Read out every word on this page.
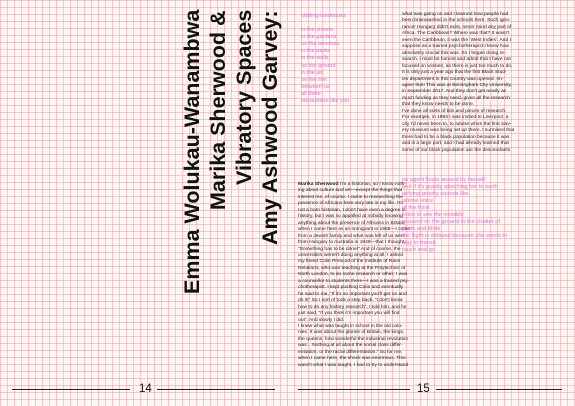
Amy Ashwood Garvey:
Vibratory Spaces
Marika Sherwood &
Emma Wolukau-Wanambwa	shifting landmarks
in the streets
in the gardens
on the benches
in the parks
in the walls
on the ground
in the air
on the line
between us
all there
encounters like you
what was going on and I learned how people had
been brainwashed in the schools here. Such igno-
rance! Hungary didn't exist, never mind any part of
Africa. The Caribbean? Where was that? It wasn't
even the Caribbean, it was the ‘West Indies’. And I
suppose as a trained psychotherapist I knew how
absolutely crucial this was. So I began doing re-
search. I must be honest and admit that I have not
focused on women, as there is just too much to do.
It is only just a year ago that the first Black Stud-
ies department in this country was opened. Im-
agine that! This was at Birmingham City University,
in September 2017. And they don't get nearly as
much funding as they need, given all the research
that they know needs to be done.
I've done all sorts of bits and pieces of research.
For example, in 1993 I was invited to Liverpool, a
city I'd never been to, to advise when the first slav-
ery museum was being set up there. I surmised that
there had to be a black population because it was
and is a large port, and I had already learned that
some of our black population are the descendants
Marika Sherwood I'm a historian, so I know noth-
ing about culture and art—except the things that
interest me, of course. I came to researching the
presence of Africans here very late in my life. I'm
not a born historian, I don't have even a degree in
history, but I was so appalled at nobody knowing
anything about the presence of Africans in Britain,
when I came here as an immigrant in 1965—I come
from a Jewish family and what was left of us went
from Hungary to Australia in 1948—that I thought,
“Something has to be done!” And of course, the
universities weren't doing anything at all. I asked
my friend Colin Prescod of the Institute of Race
Relations, who was teaching at the Polytechnic of
North London, to do some research or other; I was
a counsellor to students there—I was a trained psy-
chotherapist. I kept pushing Colin and eventually
he said to me, “If it's so important you'll get on and
do it!” So I sort of took a step back. “I don't know
how to do any history research”, I told him, and he
just said, “If you think it's important you will find
out”. And slowly I did.
I knew what was taught in school in the old colo-
nies. It was about the glories of Britain, the kings,
the queens, how wonderful the industrial revolution
was... Nothing at all about the social class differ-
entiation, or the racial differentiation.” So for me,
when I came here, the shock was enormous. This
wasn't what I was taught. I had to try to understand
no agent floats around by herself
and if it's gravity attaching her to earth
defying gravity sounds like
whose voice
at the front
listen to see the invisible
resound on the ground in the chatter of
pilots and birds
the flight is delayed because she wants to
stay in transit
touch and go
14	15
